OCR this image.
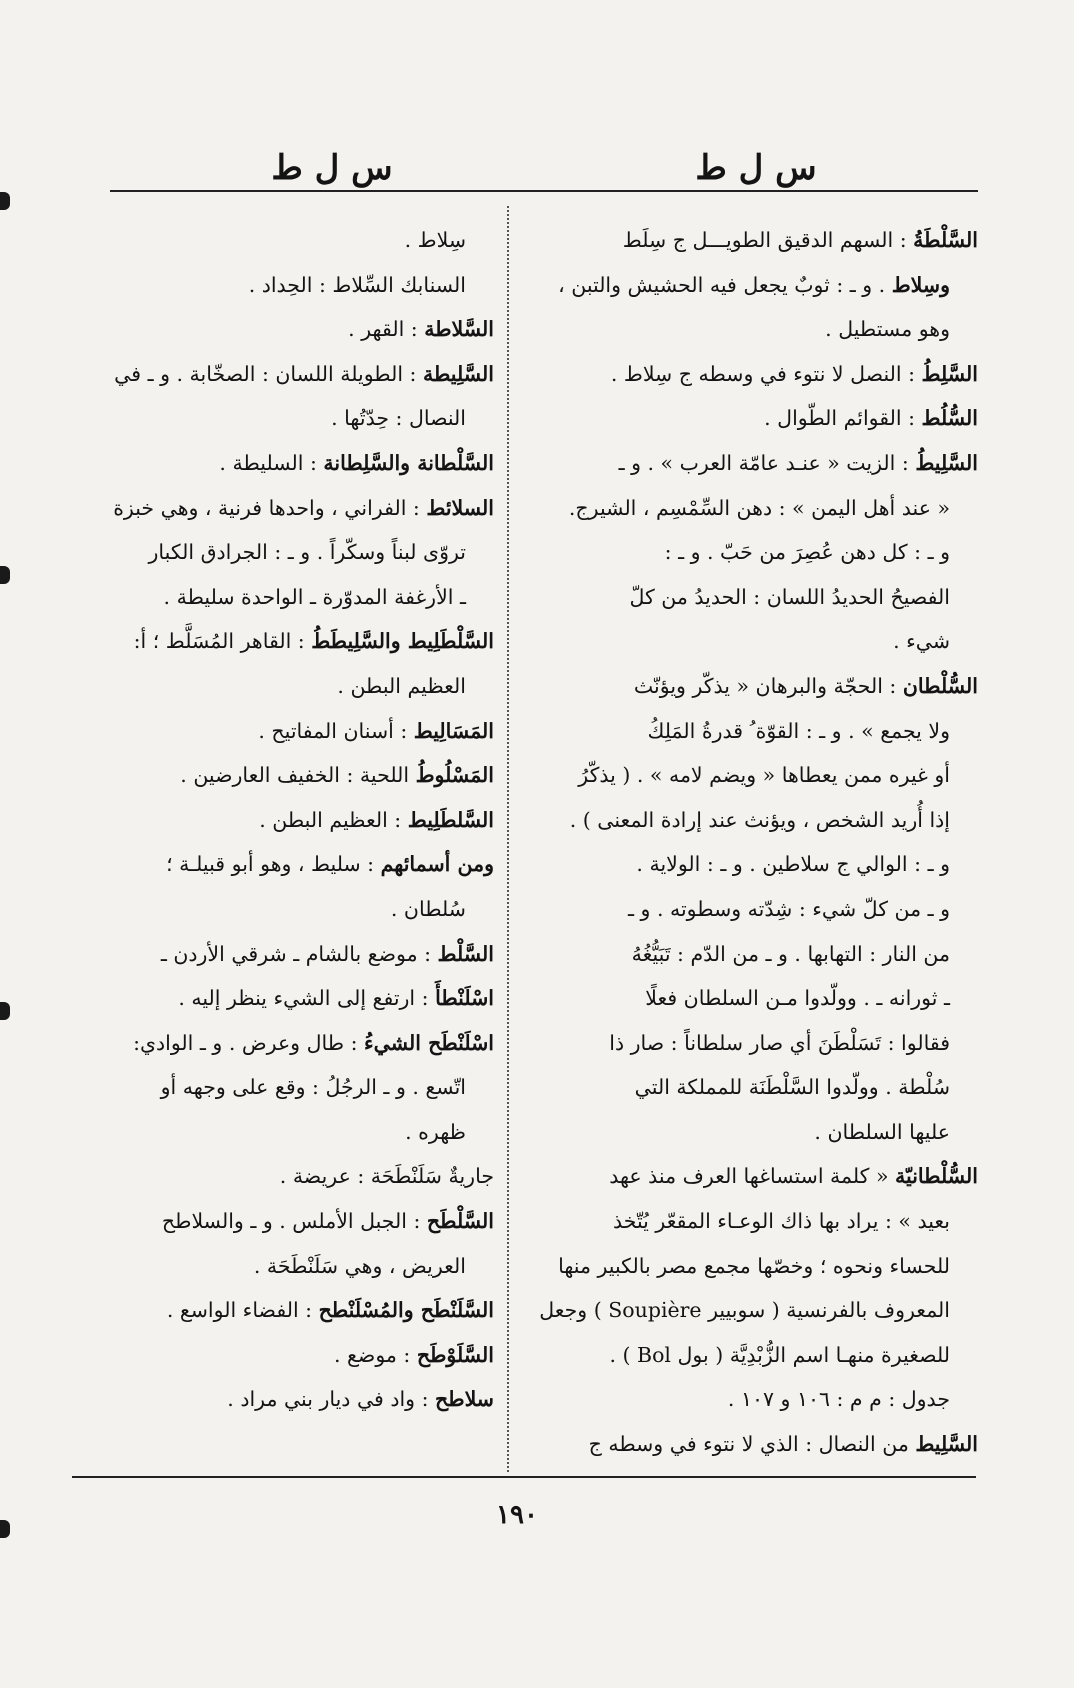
س ل ط
س ل ط
السَّلْطَةُ : السهم الدقيق الطويـــل ج سِلَط
وسِلاط . و ـ : ثوبٌ يجعل فيه الحشيش والتبن ،
وهو مستطيل .
السَّلِطُ : النصل لا نتوء في وسطه ج سِلاط .
السُّلُط : القوائم الطّوال .
السَّلِيطُ : الزيت « عنـد عامّة العرب » . و ـ
« عند أهل اليمن » : دهن السِّمْسِم ، الشيرج.
و ـ : كل دهن عُصِرَ من حَبّ . و ـ :
الفصيحُ الحديدُ اللسان : الحديدُ من كلّ
شيء .
السُّلْطان : الحجّة والبرهان « يذكّر ويؤنّث
ولا يجمع » . و ـ : القوّة ُ قدرةُ المَلِكُ
أو غيره ممن يعطاها « ويضم لامه » . ( يذكّرُ
إذا أُريد الشخص ، ويؤنث عند إرادة المعنى ) .
و ـ : الوالي ج سلاطين . و ـ : الولاية .
و ـ من كلّ شيء : شِدّته وسطوته . و ـ
من النار : التهابها . و ـ من الدّم : تَبَيُّغُهُ
ـ ثورانه ـ . وولّدوا مـن السلطان فعلًا
فقالوا : تَسَلْطَنَ أي صار سلطاناً : صار ذا
سُلْطة . وولّدوا السَّلْطَنَة للمملكة التي
عليها السلطان .
السُّلْطانيّة « كلمة استساغها العرف منذ عهد
بعيد » : يراد بها ذاك الوعـاء المقعّر يُتّخذ
للحساء ونحوه ؛ وخصّها مجمع مصر بالكبير منها
المعروف بالفرنسية ( سوبيير Soupière ) وجعل
للصغيرة منهـا اسم الزُّبْدِيَّة ( بول Bol ) .
جدول : م م : ١٠٦ و ١٠٧ .
السَّلِيط من النصال : الذي لا نتوء في وسطه ج
سِلاط .
السنابك السِّلاط : الحِداد .
السَّلاطة : القهر .
السَّلِيطة : الطويلة اللسان : الصخّابة . و ـ في
النصال : حِدّتُها .
السَّلْطانة والسَّلِطانة : السليطة .
السلائط : الفراني ، واحدها فرنية ، وهي خبزة
تروّى لبناً وسكّراً . و ـ : الجرادق الكبار
ـ الأرغفة المدوّرة ـ الواحدة سليطة .
السَّلْطَلِيط والسَّلِيطَطُ : القاهر المُسَلَّط ؛ أ:
العظيم البطن .
المَسَالِيط : أسنان المفاتيح .
المَسْلُوطُ اللحية : الخفيف العارضين .
السَّلطَلِيط : العظيم البطن .
ومن أسمائهم : سليط ، وهو أبو قبيلـة ؛
سُلطان .
السَّلْط : موضع بالشام ـ شرقي الأردن ـ
اسْلَنْطأَ : ارتفع إلى الشيء ينظر إليه .
اسْلَنْطَح الشيءُ : طال وعرض . و ـ الوادي:
اتّسع . و ـ الرجُلُ : وقع على وجهه أو
ظهره .
جاريةٌ سَلَنْطَحَة : عريضة .
السَّلْطَح : الجبل الأملس . و ـ والسلاطح
العريض ، وهي سَلَنْطَحَة .
السَّلَنْطَح والمُسْلَنْطح : الفضاء الواسع .
السَّلَوْطَح : موضع .
سلاطح : واد في ديار بني مراد .
١٩٠
